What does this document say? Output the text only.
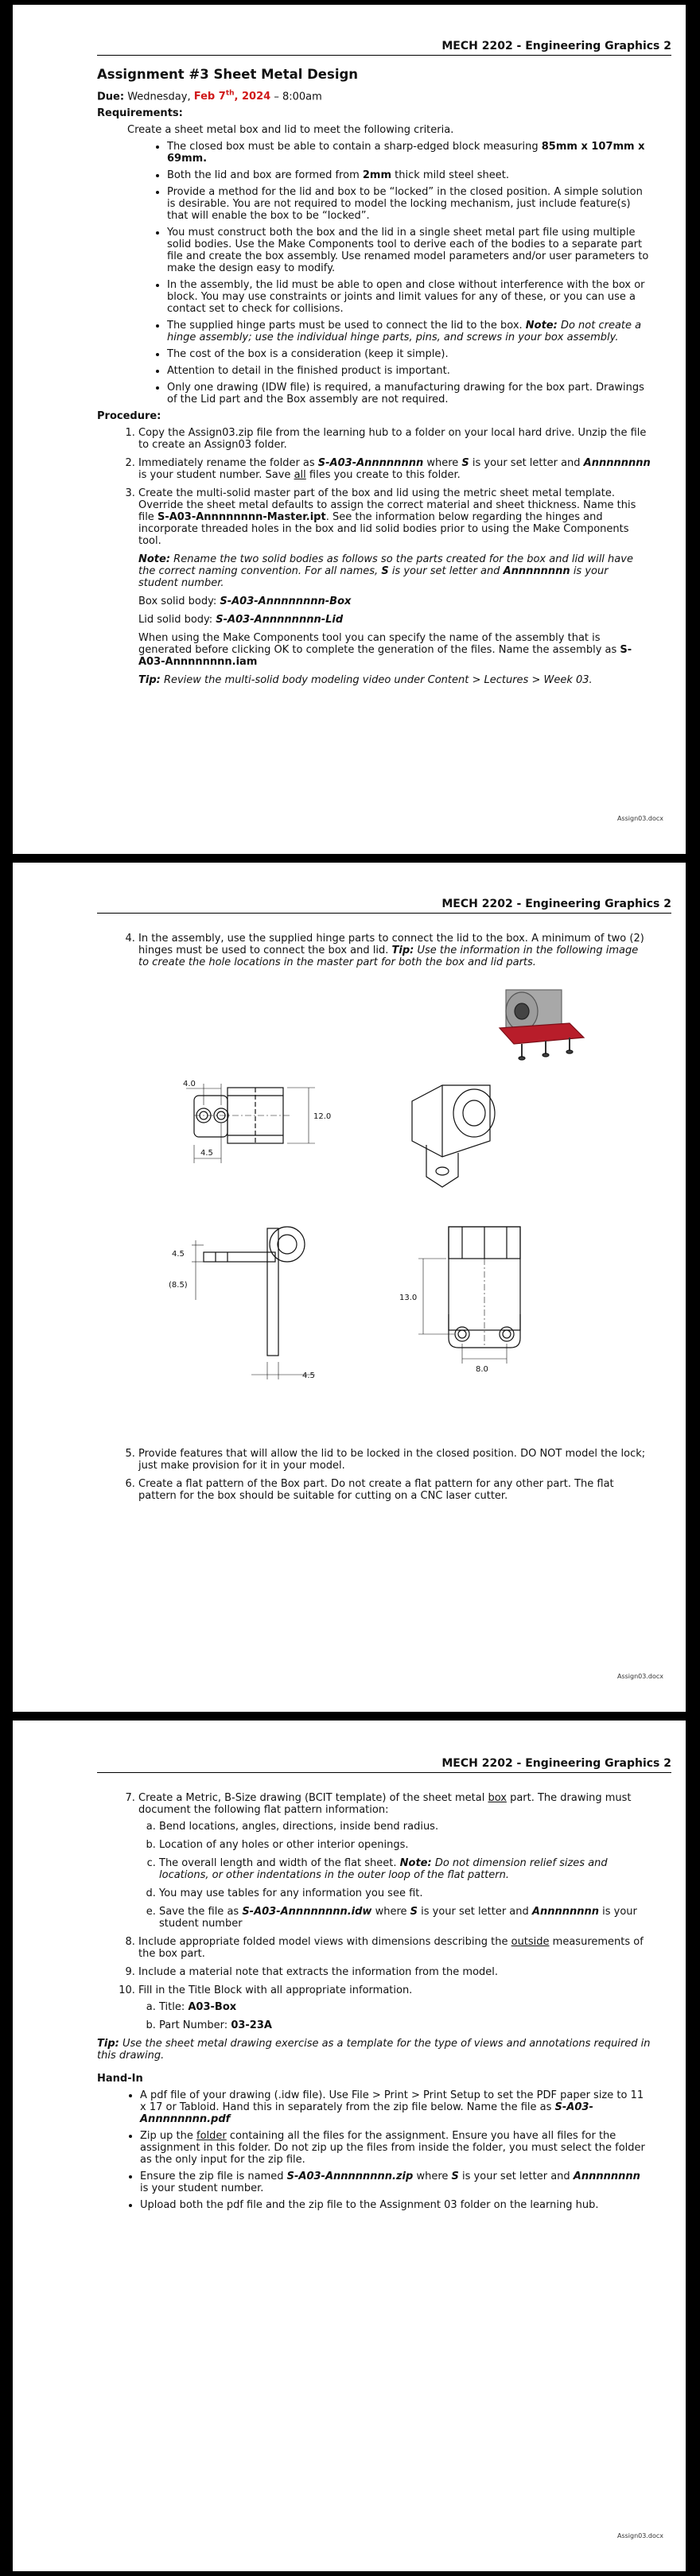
MECH 2202 - Engineering Graphics 2
Assignment #3 Sheet Metal Design

Due: Wednesday, Feb 7th, 2024 – 8:00am

Requirements:

Create a sheet metal box and lid to meet the following criteria.

• The closed box must be able to contain a sharp-edged block measuring 85mm x 107mm x 69mm.
• Both the lid and box are formed from 2mm thick mild steel sheet.
• Provide a method for the lid and box to be “locked” in the closed position. A simple solution is desirable. You are not required to model the locking mechanism, just include feature(s) that will enable the box to be “locked”.
• You must construct both the box and the lid in a single sheet metal part file using multiple solid bodies. Use the Make Components tool to derive each of the bodies to a separate part file and create the box assembly. Use renamed model parameters and/or user parameters to make the design easy to modify.
• In the assembly, the lid must be able to open and close without interference with the box or block. You may use constraints or joints and limit values for any of these, or you can use a contact set to check for collisions.
• The supplied hinge parts must be used to connect the lid to the box. Note: Do not create a hinge assembly; use the individual hinge parts, pins, and screws in your box assembly.
• The cost of the box is a consideration (keep it simple).
• Attention to detail in the finished product is important.
• Only one drawing (IDW file) is required, a manufacturing drawing for the box part. Drawings of the Lid part and the Box assembly are not required.
Procedure:
1. Copy the Assign03.zip file from the learning hub to a folder on your local hard drive. Unzip the file to create an Assign03 folder.
2. Immediately rename the folder as S-A03-Annnnnnnn where S is your set letter and Annnnnnnn is your student number. Save all files you create to this folder.
3. Create the multi-solid master part of the box and lid using the metric sheet metal template. Override the sheet metal defaults to assign the correct material and sheet thickness. Name this file S-A03-Annnnnnnn-Master.ipt. See the information below regarding the hinges and incorporate threaded holes in the box and lid solid bodies prior to using the Make Components tool.

Note: Rename the two solid bodies as follows so the parts created for the box and lid will have the correct naming convention. For all names, S is your set letter and Annnnnnnn is your student number.

Box solid body: S-A03-Annnnnnnn-Box

Lid solid body: S-A03-Annnnnnnn-Lid

When using the Make Components tool you can specify the name of the assembly that is generated before clicking OK to complete the generation of the files. Name the assembly as S-A03-Annnnnnnn.iam

Tip: Review the multi-solid body modeling video under Content > Lectures > Week 03.

Assign03.docx
MECH 2202 - Engineering Graphics 2
4. In the assembly, use the supplied hinge parts to connect the lid to the box. A minimum of two (2) hinges must be used to connect the box and lid. Tip: Use the information in the following image to create the hole locations in the master part for both the box and lid parts.
4.0
12.0
4.5
4.5
(8.5)
4.5
13.0
8.0
5. Provide features that will allow the lid to be locked in the closed position. DO NOT model the lock; just make provision for it in your model.
6. Create a flat pattern of the Box part. Do not create a flat pattern for any other part. The flat pattern for the box should be suitable for cutting on a CNC laser cutter.
Assign03.docx
MECH 2202 - Engineering Graphics 2
7. Create a Metric, B-Size drawing (BCIT template) of the sheet metal box part. The drawing must document the following flat pattern information:
a. Bend locations, angles, directions, inside bend radius.
b. Location of any holes or other interior openings.
c. The overall length and width of the flat sheet. Note: Do not dimension relief sizes and locations, or other indentations in the outer loop of the flat pattern.
d. You may use tables for any information you see fit.
e. Save the file as S-A03-Annnnnnnn.idw where S is your set letter and Annnnnnnn is your student number
8. Include appropriate folded model views with dimensions describing the outside measurements of the box part.
9. Include a material note that extracts the information from the model.
10. Fill in the Title Block with all appropriate information.
a. Title: A03-Box
b. Part Number: 03-23A

Tip: Use the sheet metal drawing exercise as a template for the type of views and annotations required in this drawing.

Hand-In
• A pdf file of your drawing (.idw file). Use File > Print > Print Setup to set the PDF paper size to 11 x 17 or Tabloid. Hand this in separately from the zip file below. Name the file as S-A03-Annnnnnnn.pdf
• Zip up the folder containing all the files for the assignment. Ensure you have all files for the assignment in this folder. Do not zip up the files from inside the folder, you must select the folder as the only input for the zip file.
• Ensure the zip file is named S-A03-Annnnnnnn.zip where S is your set letter and Annnnnnnn is your student number.
• Upload both the pdf file and the zip file to the Assignment 03 folder on the learning hub.
Assign03.docx
